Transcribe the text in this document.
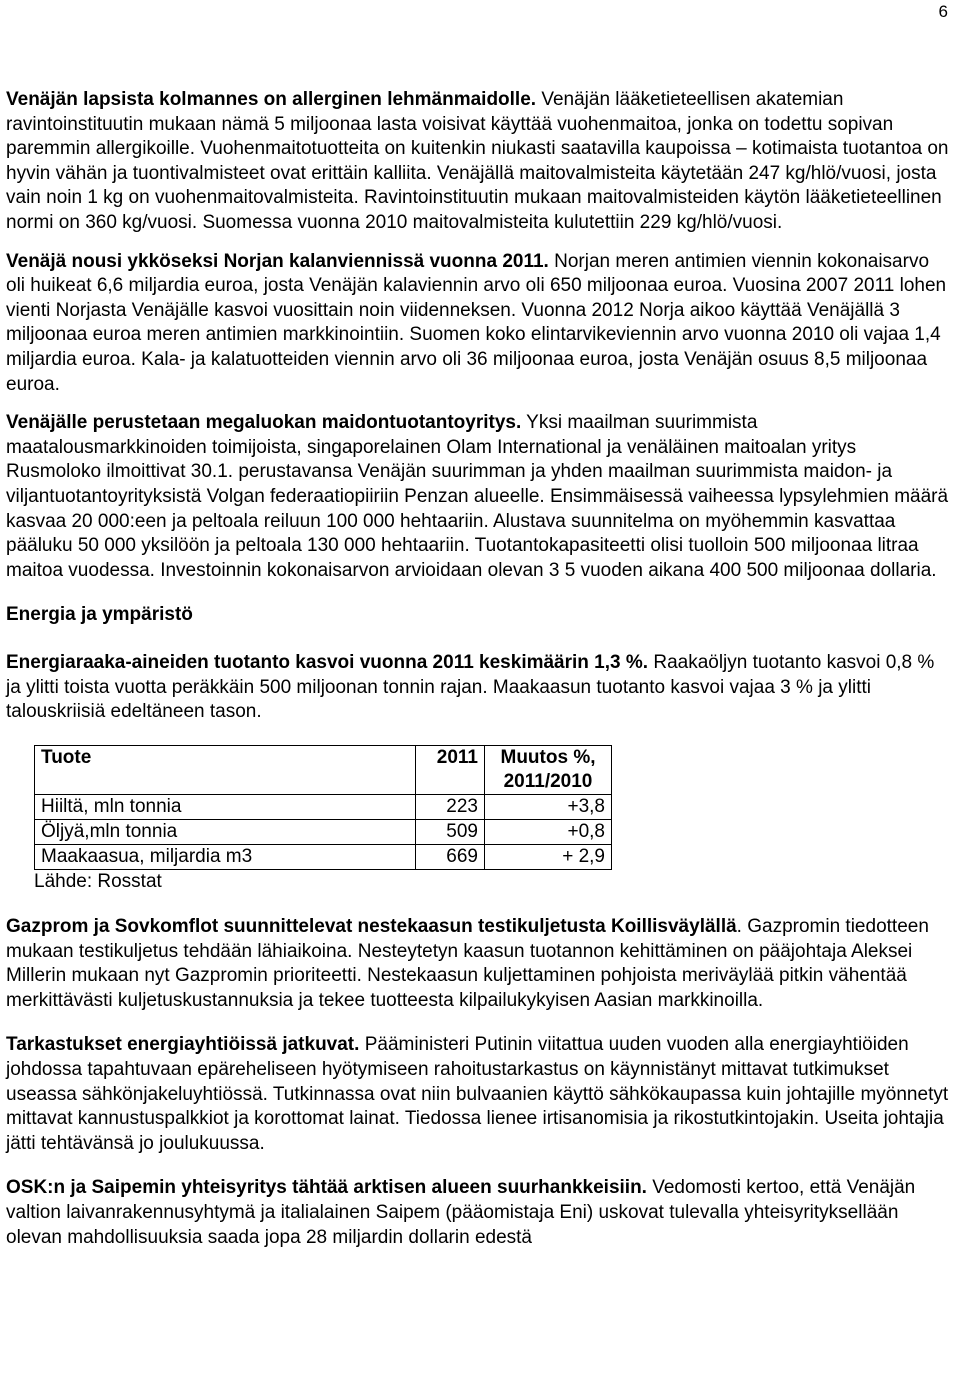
6

Venäjän lapsista kolmannes on allerginen lehmänmaidolle. Venäjän lääketieteellisen akatemian ravintoinstituutin mukaan nämä 5 miljoonaa lasta voisivat käyttää vuohenmaitoa, jonka on todettu sopivan paremmin allergikoille. Vuohenmaitotuotteita on kuitenkin niukasti saatavilla kaupoissa – kotimaista tuotantoa on hyvin vähän ja tuontivalmisteet ovat erittäin kalliita. Venäjällä maitovalmisteita käytetään 247 kg/hlö/vuosi, josta vain noin 1 kg on vuohenmaitovalmisteita. Ravintoinstituutin mukaan maitovalmisteiden käytön lääketieteellinen normi on 360 kg/vuosi. Suomessa vuonna 2010 maitovalmisteita kulutettiin 229 kg/hlö/vuosi.

Venäjä nousi ykköseksi Norjan kalanviennissä vuonna 2011. Norjan meren antimien viennin kokonaisarvo oli huikeat 6,6 miljardia euroa, josta Venäjän kalaviennin arvo oli 650 miljoonaa euroa. Vuosina 2007 2011 lohen vienti Norjasta Venäjälle kasvoi vuosittain noin viidenneksen. Vuonna 2012 Norja aikoo käyttää Venäjällä 3 miljoonaa euroa meren antimien markkinointiin. Suomen koko elintarvikeviennin arvo vuonna 2010 oli vajaa 1,4 miljardia euroa. Kala- ja kalatuotteiden viennin arvo oli 36 miljoonaa euroa, josta Venäjän osuus 8,5 miljoonaa euroa.

Venäjälle perustetaan megaluokan maidontuotantoyritys. Yksi maailman suurimmista maatalousmarkkinoiden toimijoista, singaporelainen Olam International ja venäläinen maitoalan yritys Rusmoloko ilmoittivat 30.1. perustavansa Venäjän suurimman ja yhden maailman suurimmista maidon- ja viljantuotantoyrityksistä Volgan federaatiopiiriin Penzan alueelle. Ensimmäisessä vaiheessa lypsylehmien määrä kasvaa 20 000:een ja peltoala reiluun 100 000 hehtaariin. Alustava suunnitelma on myöhemmin kasvattaa pääluku 50 000 yksilöön ja peltoala 130 000 hehtaariin. Tuotantokapasiteetti olisi tuolloin 500 miljoonaa litraa maitoa vuodessa. Investoinnin kokonaisarvon arvioidaan olevan 3 5 vuoden aikana 400 500 miljoonaa dollaria.

Energia ja ympäristö

Energiaraaka-aineiden tuotanto kasvoi vuonna 2011 keskimäärin 1,3 %. Raakaöljyn tuotanto kasvoi 0,8 % ja ylitti toista vuotta peräkkäin 500 miljoonan tonnin rajan. Maakaasun tuotanto kasvoi vajaa 3 % ja ylitti talouskriisiä edeltäneen tason.

Tuote	2011	Muutos %, 2011/2010
Hiiltä, mln tonnia	223	+3,8
Öljyä,mln tonnia	509	+0,8
Maakaasua, miljardia m3	669	+ 2,9
Lähde: Rosstat

Gazprom ja Sovkomflot suunnittelevat nestekaasun testikuljetusta Koillisväylällä. Gazpromin tiedotteen mukaan testikuljetus tehdään lähiaikoina. Nesteytetyn kaasun tuotannon kehittäminen on pääjohtaja Aleksei Millerin mukaan nyt Gazpromin prioriteetti. Nestekaasun kuljettaminen pohjoista meriväylää pitkin vähentää merkittävästi kuljetuskustannuksia ja tekee tuotteesta kilpailukykyisen Aasian markkinoilla.

Tarkastukset energiayhtiöissä jatkuvat. Pääministeri Putinin viitattua uuden vuoden alla energiayhtiöiden johdossa tapahtuvaan epäreheliseen hyötymiseen rahoitustarkastus on käynnistänyt mittavat tutkimukset useassa sähkönjakeluyhtiössä. Tutkinnassa ovat niin bulvaanien käyttö sähkökaupassa kuin johtajille myönnetyt mittavat kannustuspalkkiot ja korottomat lainat. Tiedossa lienee irtisanomisia ja rikostutkintojakin. Useita johtajia jätti tehtävänsä jo joulukuussa.

OSK:n ja Saipemin yhteisyritys tähtää arktisen alueen suurhankkeisiin. Vedomosti kertoo, että Venäjän valtion laivanrakennusyhtymä ja italialainen Saipem (pääomistaja Eni) uskovat tulevalla yhteisyrityksellään olevan mahdollisuuksia saada jopa 28 miljardin dollarin edestä
